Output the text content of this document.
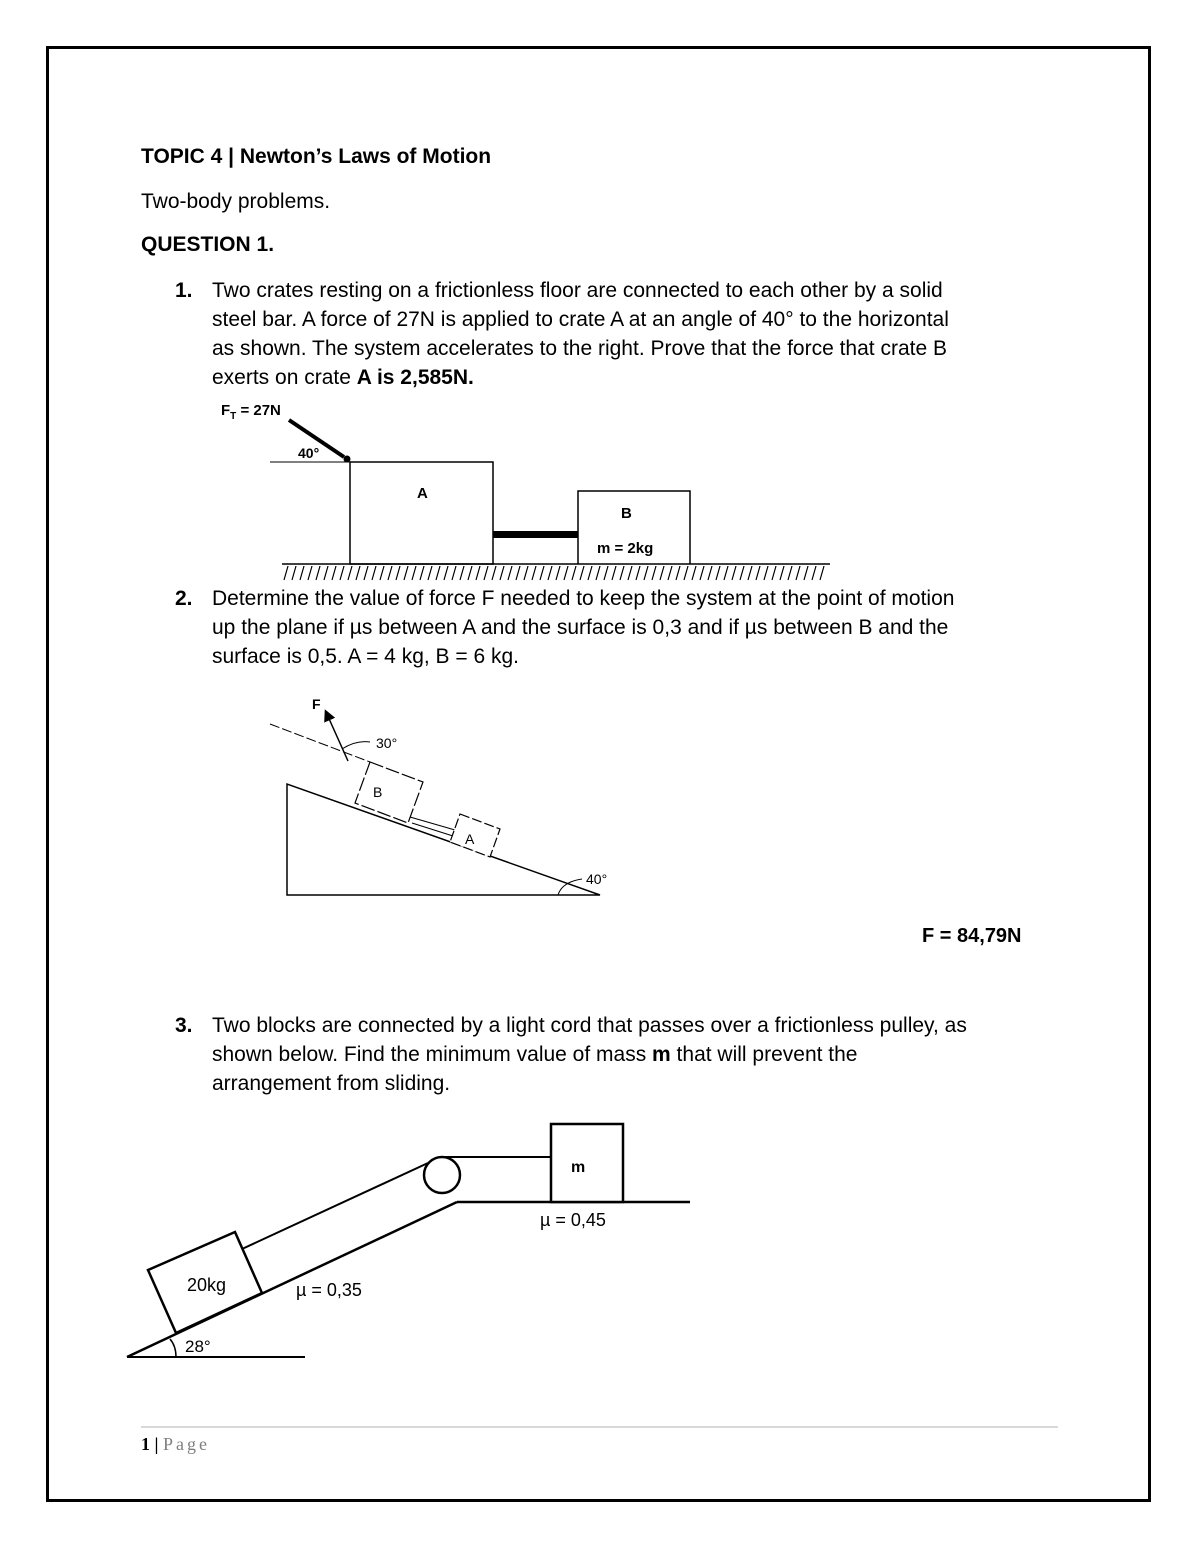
TOPIC 4 | Newton’s Laws of Motion
Two-body problems.
QUESTION 1.
1. Two crates resting on a frictionless floor are connected to each other by a solid
steel bar. A force of 27N is applied to crate A at an angle of 40° to the horizontal
as shown. The system accelerates to the right. Prove that the force that crate B
exerts on crate A is 2,585N.
2. Determine the value of force F needed to keep the system at the point of motion
up the plane if µs between A and the surface is 0,3 and if µs between B and the
surface is 0,5. A = 4 kg, B = 6 kg.
F = 84,79N
3. Two blocks are connected by a light cord that passes over a frictionless pulley, as
shown below. Find the minimum value of mass m that will prevent the
arrangement from sliding.
$F_T = 27N$
40°
A
B
m = 2kg
F
30°
B
A
40°
m
µ = 0,45
20kg	µ = 0,35
28°
1 | Page
